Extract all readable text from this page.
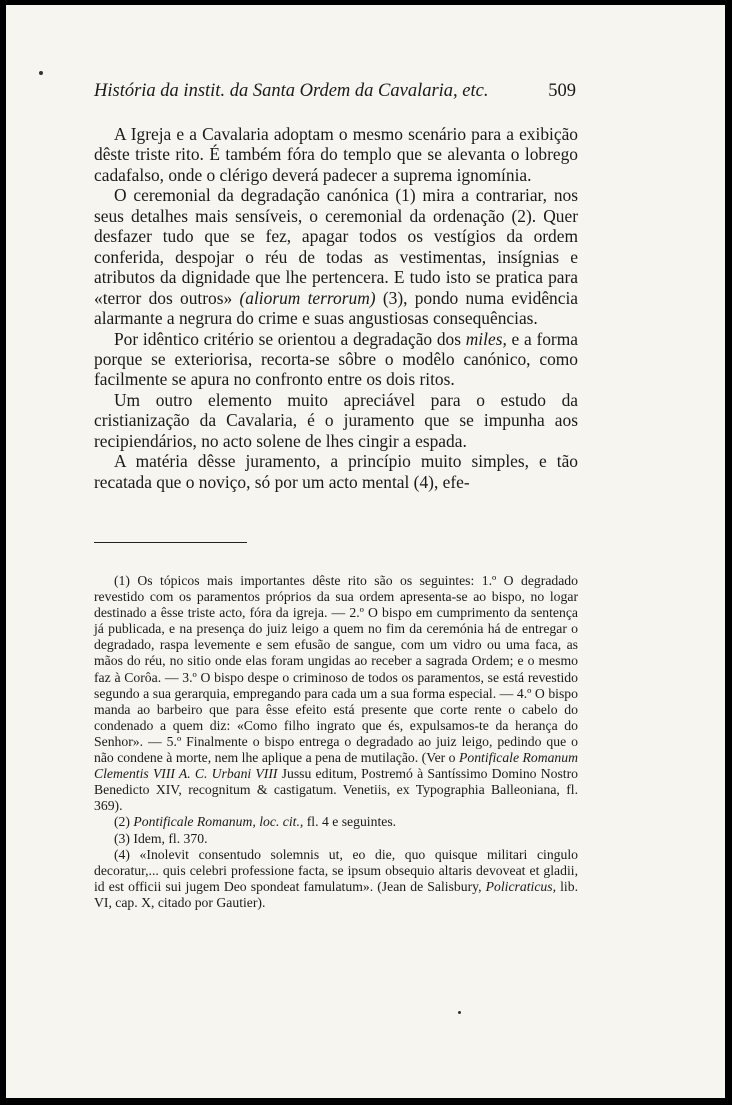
História da instit. da Santa Ordem da Cavalaria, etc.	509

A Igreja e a Cavalaria adoptam o mesmo scenário para a exibição dêste triste rito. É também fóra do templo que se alevanta o lobrego cadafalso, onde o clérigo deverá padecer a suprema ignomínia.

O ceremonial da degradação canónica (1) mira a contrariar, nos seus detalhes mais sensíveis, o ceremonial da ordenação (2). Quer desfazer tudo que se fez, apagar todos os vestígios da ordem conferida, despojar o réu de todas as vestimentas, insígnias e atributos da dignidade que lhe pertencera. E tudo isto se pratica para «terror dos outros» (aliorum terrorum) (3), pondo numa evidência alarmante a negrura do crime e suas angustiosas consequências.

Por idêntico critério se orientou a degradação dos miles, e a forma porque se exteriorisa, recorta-se sôbre o modêlo canónico, como facilmente se apura no confronto entre os dois ritos.

Um outro elemento muito apreciável para o estudo da cristianização da Cavalaria, é o juramento que se impunha aos recipiendários, no acto solene de lhes cingir a espada.

A matéria dêsse juramento, a princípio muito simples, e tão recatada que o noviço, só por um acto mental (4), efe-

(1) Os tópicos mais importantes dêste rito são os seguintes: 1.º O degradado revestido com os paramentos próprios da sua ordem apresenta-se ao bispo, no logar destinado a êsse triste acto, fóra da igreja. — 2.º O bispo em cumprimento da sentença já publicada, e na presença do juiz leigo a quem no fim da ceremónia há de entregar o degradado, raspa levemente e sem efusão de sangue, com um vidro ou uma faca, as mãos do réu, no sitio onde elas foram ungidas ao receber a sagrada Ordem; e o mesmo faz à Corôa. — 3.º O bispo despe o criminoso de todos os paramentos, se está revestido segundo a sua gerarquia, empregando para cada um a sua forma especial. — 4.º O bispo manda ao barbeiro que para êsse efeito está presente que corte rente o cabelo do condenado a quem diz: «Como filho ingrato que és, expulsamos-te da herança do Senhor». — 5.º Finalmente o bispo entrega o degradado ao juiz leigo, pedindo que o não condene à morte, nem lhe aplique a pena de mutilação. (Ver o Pontificale Romanum Clementis VIII A. C. Urbani VIII Jussu editum, Postremó à Santíssimo Domino Nostro Benedicto XIV, recognitum & castigatum. Venetiis, ex Typographia Balleoniana, fl. 369).

(2) Pontificale Romanum, loc. cit., fl. 4 e seguintes.

(3) Idem, fl. 370.

(4) «Inolevit consentudo solemnis ut, eo die, quo quisque militari cingulo decoratur,... quis celebri professione facta, se ipsum obsequio altaris devoveat et gladii, id est officii sui jugem Deo spondeat famulatum». (Jean de Salisbury, Policraticus, lib. VI, cap. X, citado por Gautier).
